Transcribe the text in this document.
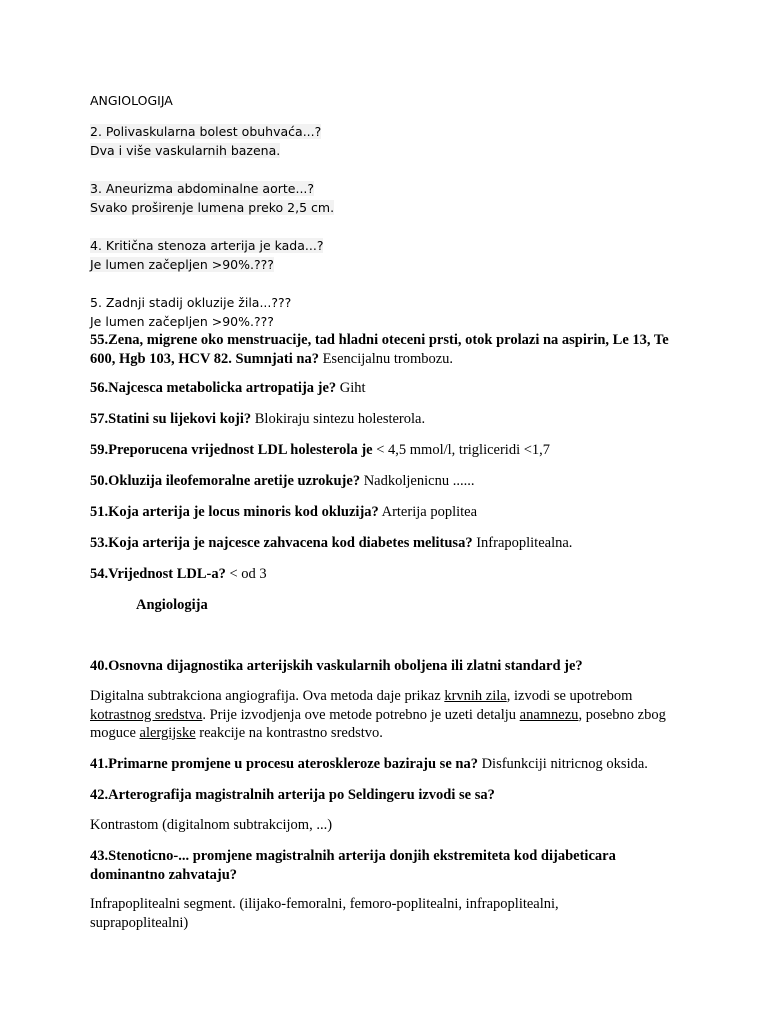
ANGIOLOGIJA
2. Polivaskularna bolest obuhvaća...?
Dva i više vaskularnih bazena.
3. Aneurizma abdominalne aorte...?
Svako proširenje lumena preko 2,5 cm.
4. Kritična stenoza arterija je kada...?
Je lumen začepljen >90%.???
5. Zadnji stadij okluzije žila...???
Je lumen začepljen >90%.???
55.Zena, migrene oko menstruacije, tad hladni oteceni prsti, otok prolazi na aspirin, Le 13, Te 600, Hgb 103, HCV 82. Sumnjati na? Esencijalnu trombozu.
56.Najcesca metabolicka artropatija je? Giht
57.Statini su lijekovi koji? Blokiraju sintezu holesterola.
59.Preporucena vrijednost LDL holesterola je < 4,5 mmol/l, trigliceridi <1,7
50.Okluzija ileofemoralne aretije uzrokuje? Nadkoljenicnu ......
51.Koja arterija je locus minoris kod okluzija? Arterija poplitea
53.Koja arterija je najcesce zahvacena kod diabetes melitusa? Infrapoplitealna.
54.Vrijednost LDL-a? < od 3
Angiologija
40.Osnovna dijagnostika arterijskih vaskularnih oboljena ili zlatni standard je?
Digitalna subtrakciona angiografija. Ova metoda daje prikaz krvnih zila, izvodi se upotrebom kotrastnog sredstva. Prije izvodjenja ove metode potrebno je uzeti detalju anamnezu, posebno zbog moguce alergijske reakcije na kontrastno sredstvo.
41.Primarne promjene u procesu ateroskleroze baziraju se na? Disfunkciji nitricnog oksida.
42.Arterografija magistralnih arterija po Seldingeru izvodi se sa?
Kontrastom (digitalnom subtrakcijom, ...)
43.Stenoticno-... promjene magistralnih arterija donjih ekstremiteta kod dijabeticara dominantno zahvataju?
Infrapoplitealni segment. (ilijako-femoralni, femoro-poplitealni, infrapoplitealni, suprapoplitealni)
